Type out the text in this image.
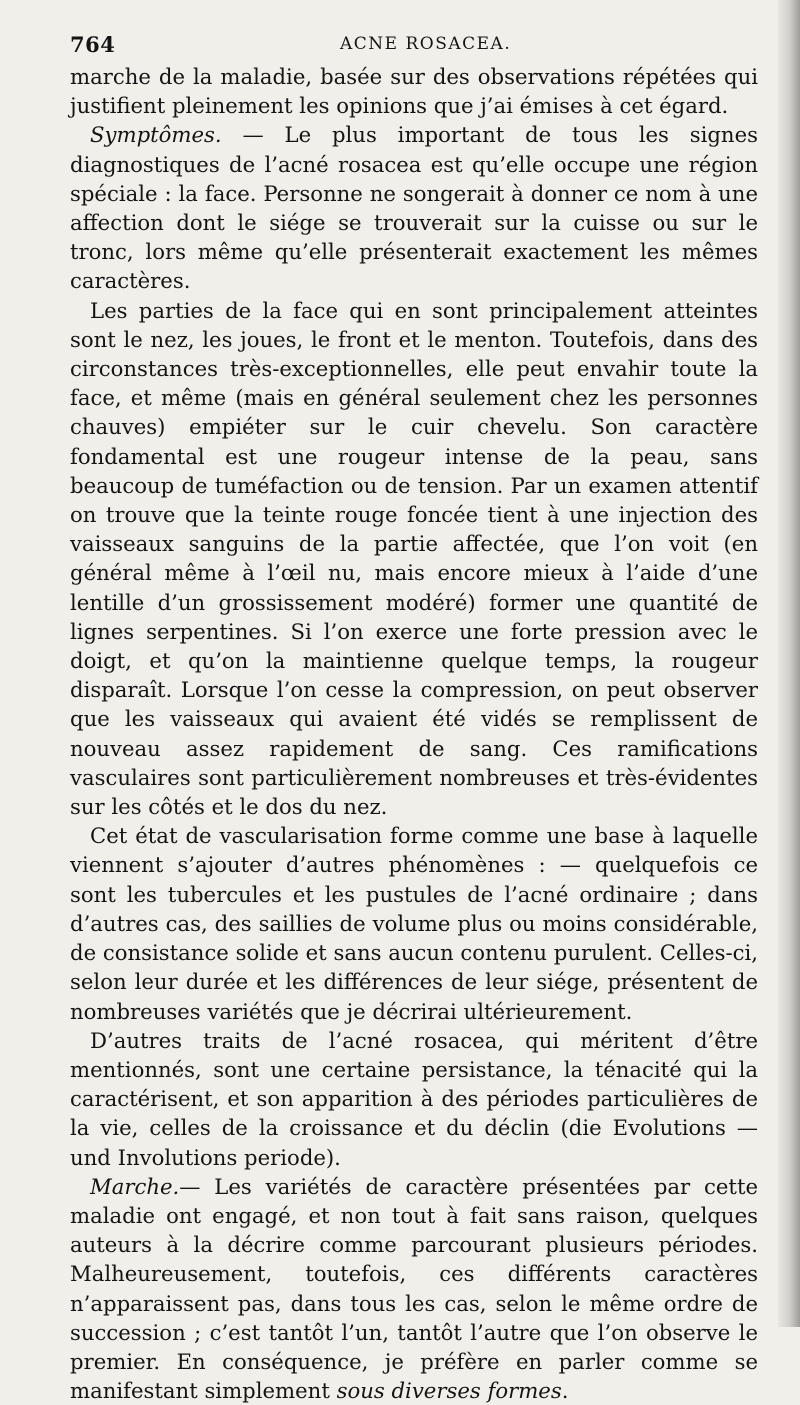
764	ACNE ROSACEA.

marche de la maladie, basée sur des observations répétées qui justifient pleinement les opinions que j’ai émises à cet égard.

Symptômes. — Le plus important de tous les signes diagnostiques de l’acné rosacea est qu’elle occupe une région spéciale : la face. Personne ne songerait à donner ce nom à une affection dont le siége se trouverait sur la cuisse ou sur le tronc, lors même qu’elle présenterait exactement les mêmes caractères.

Les parties de la face qui en sont principalement atteintes sont le nez, les joues, le front et le menton. Toutefois, dans des circonstances très-exceptionnelles, elle peut envahir toute la face, et même (mais en général seulement chez les personnes chauves) empiéter sur le cuir chevelu. Son caractère fondamental est une rougeur intense de la peau, sans beaucoup de tuméfaction ou de tension. Par un examen attentif on trouve que la teinte rouge foncée tient à une injection des vaisseaux sanguins de la partie affectée, que l’on voit (en général même à l’œil nu, mais encore mieux à l’aide d’une lentille d’un grossissement modéré) former une quantité de lignes serpentines. Si l’on exerce une forte pression avec le doigt, et qu’on la maintienne quelque temps, la rougeur disparaît. Lorsque l’on cesse la compression, on peut observer que les vaisseaux qui avaient été vidés se remplissent de nouveau assez rapidement de sang. Ces ramifications vasculaires sont particulièrement nombreuses et très-évidentes sur les côtés et le dos du nez.

Cet état de vascularisation forme comme une base à laquelle viennent s’ajouter d’autres phénomènes : — quelquefois ce sont les tubercules et les pustules de l’acné ordinaire ; dans d’autres cas, des saillies de volume plus ou moins considérable, de consistance solide et sans aucun contenu purulent. Celles-ci, selon leur durée et les différences de leur siége, présentent de nombreuses variétés que je décrirai ultérieurement.

D’autres traits de l’acné rosacea, qui méritent d’être mentionnés, sont une certaine persistance, la ténacité qui la caractérisent, et son apparition à des périodes particulières de la vie, celles de la croissance et du déclin (die Evolutions — und Involutions periode).

Marche.— Les variétés de caractère présentées par cette maladie ont engagé, et non tout à fait sans raison, quelques auteurs à la décrire comme parcourant plusieurs périodes. Malheureusement, toutefois, ces différents caractères n’apparaissent pas, dans tous les cas, selon le même ordre de succession ; c’est tantôt l’un, tantôt l’autre que l’on observe le premier. En conséquence, je préfère en parler comme se manifestant simplement sous diverses formes.
